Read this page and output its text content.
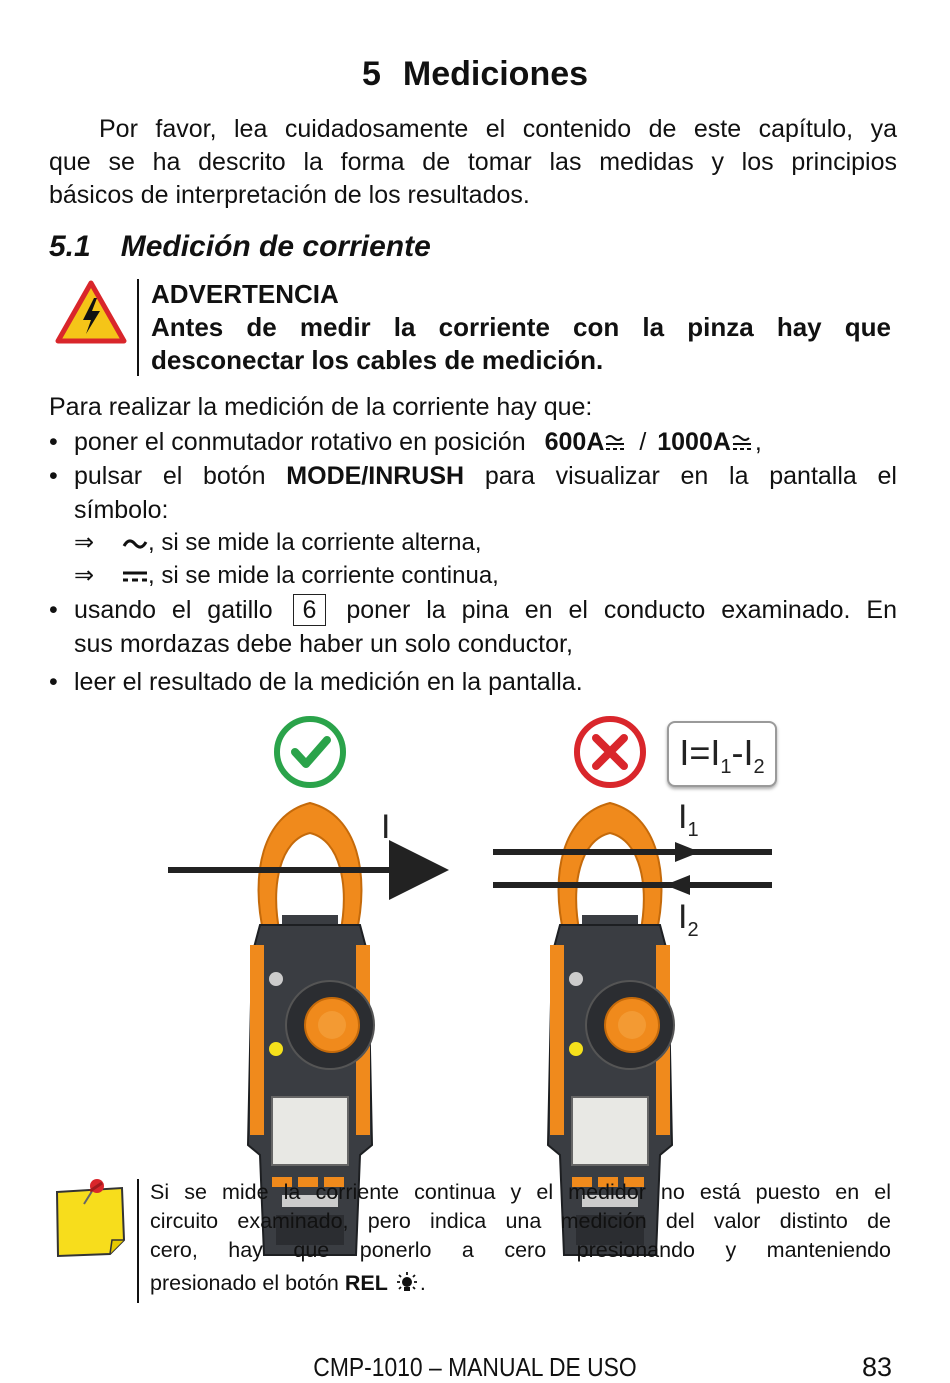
5 Mediciones
Por favor, lea cuidadosamente el contenido de este capítulo, ya
que se ha descrito la forma de tomar las medidas y los principios
básicos de interpretación de los resultados.
5.1 Medición de corriente
ADVERTENCIA
Antes de medir la corriente con la pinza hay que
desconectar los cables de medición.
Para realizar la medición de la corriente hay que:
• poner el conmutador rotativo en posición 600A / 1000A ,
• pulsar el botón MODE/INRUSH para visualizar en la pantalla el
símbolo:
⇒ , si se mide la corriente alterna,
⇒ , si se mide la corriente continua,
• usando el gatillo 6 poner la pina en el conducto examinado. En
sus mordazas debe haber un solo conductor,
• leer el resultado de la medición en la pantalla.
I	$I_1$
$I_2$
$I=I_1-I_2$
Si se mide la corriente continua y el medidor no está puesto en el
circuito examinado, pero indica una medición del valor distinto de
cero, hay que ponerlo a cero presionando y manteniendo
presionado el botón REL .
CMP-1010 – MANUAL DE USO	83
